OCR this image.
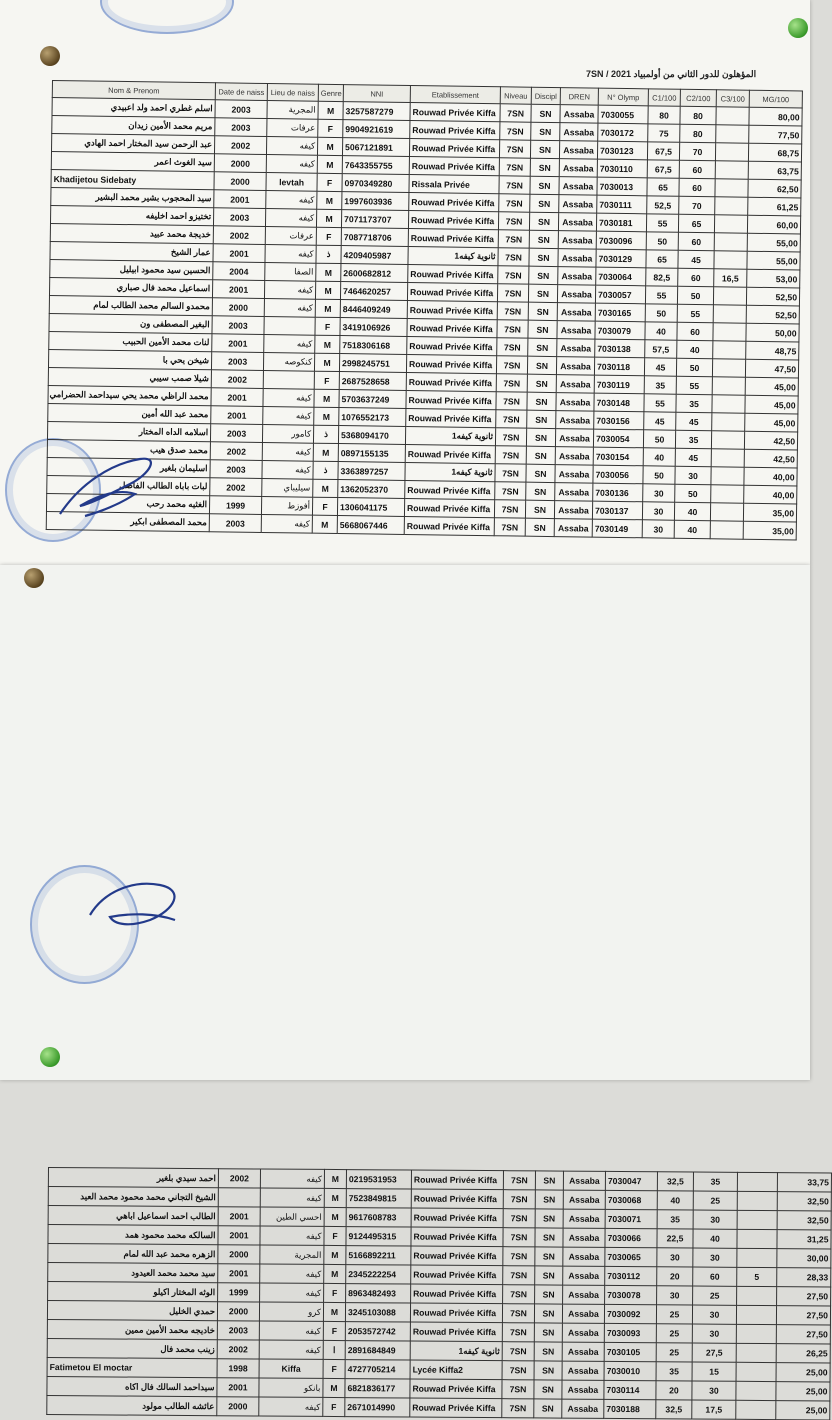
المؤهلون للدور الثاني من أولمبياد 7SN / 2021
Nom & Prenom	Date de naiss	Lieu de naiss	Genre	NNI	Etablissement	Niveau	Discipl	DREN	N° Olymp	C1/100	C2/100	C3/100	MG/100
اسلم غطري احمد ولد اعبيدي	2003	المجرية	M	3257587279	Rouwad Privée Kiffa	7SN	SN	Assaba	7030055	80	80		80,00
مريم محمد الأمين زيدان	2003	عرفات	F	9904921619	Rouwad Privée Kiffa	7SN	SN	Assaba	7030172	75	80		77,50
عبد الرحمن سيد المختار احمد الهادي	2002	كيفه	M	5067121891	Rouwad Privée Kiffa	7SN	SN	Assaba	7030123	67,5	70		68,75
سيد الغوث اعمر	2000	كيفه	M	7643355755	Rouwad Privée Kiffa	7SN	SN	Assaba	7030110	67,5	60		63,75
Khadijetou Sidebaty	2000	levtah	F	0970349280	Rissala Privée	7SN	SN	Assaba	7030013	65	60		62,50
سيد المحجوب بشير محمد البشير	2001	كيفه	M	1997603936	Rouwad Privée Kiffa	7SN	SN	Assaba	7030111	52,5	70		61,25
تختيزو احمد اخليفه	2003	كيفه	M	7071173707	Rouwad Privée Kiffa	7SN	SN	Assaba	7030181	55	65		60,00
خديجة محمد عبيد	2002	عرفات	F	7087718706	Rouwad Privée Kiffa	7SN	SN	Assaba	7030096	50	60		55,00
عمار الشيخ	2001	كيفه	ذ	4209405987	ثانوية كيفه1	7SN	SN	Assaba	7030129	65	45		55,00
الحسين سيد محمود ابيليل	2004	الصفا	M	2600682812	Rouwad Privée Kiffa	7SN	SN	Assaba	7030064	82,5	60	16,5	53,00
اسماعيل محمد فال صباري	2001	كيفه	M	7464620257	Rouwad Privée Kiffa	7SN	SN	Assaba	7030057	55	50		52,50
محمدو السالم محمد الطالب لمام	2000	كيفه	M	8446409249	Rouwad Privée Kiffa	7SN	SN	Assaba	7030165	50	55		52,50
البغير المصطفى ون	2003		F	3419106926	Rouwad Privée Kiffa	7SN	SN	Assaba	7030079	40	60		50,00
لنات محمد الأمين الحبيب	2001	كيفه	M	7518306168	Rouwad Privée Kiffa	7SN	SN	Assaba	7030138	57,5	40		48,75
شيخن يحي با	2003	كنكوصه	M	2998245751	Rouwad Privée Kiffa	7SN	SN	Assaba	7030118	45	50		47,50
شيلا صمب سيبي	2002		F	2687528658	Rouwad Privée Kiffa	7SN	SN	Assaba	7030119	35	55		45,00
محمد الراظي محمد يحي سيداحمد الحضرامي	2001	كيفه	M	5703637249	Rouwad Privée Kiffa	7SN	SN	Assaba	7030148	55	35		45,00
محمد عبد الله أمين	2001	كيفه	M	1076552173	Rouwad Privée Kiffa	7SN	SN	Assaba	7030156	45	45		45,00
اسلامه الداه المختار	2003	كامور	ذ	5368094170	ثانوية كيفه1	7SN	SN	Assaba	7030054	50	35		42,50
محمد صدق هيب	2002	كيفه	M	0897155135	Rouwad Privée Kiffa	7SN	SN	Assaba	7030154	40	45		42,50
اسليمان بلغير	2003	كيفه	ذ	3363897257	ثانوية كيفه1	7SN	SN	Assaba	7030056	50	30		40,00
لبات باباه الطالب الفاضل	2002	سيليباي	M	1362052370	Rouwad Privée Kiffa	7SN	SN	Assaba	7030136	30	50		40,00
الغثيه محمد رحب	1999	أفوزط	F	1306041175	Rouwad Privée Kiffa	7SN	SN	Assaba	7030137	30	40		35,00
محمد المصطفى ابكير	2003	كيفه	M	5668067446	Rouwad Privée Kiffa	7SN	SN	Assaba	7030149	30	40		35,00
احمد سيدي بلغير	2002	كيفه	M	0219531953	Rouwad Privée Kiffa	7SN	SN	Assaba	7030047	32,5	35		33,75
الشيخ التجاني محمد محمود محمد العيد		كيفه	M	7523849815	Rouwad Privée Kiffa	7SN	SN	Assaba	7030068	40	25		32,50
الطالب احمد اسماعيل اباهي	2001	احسي الطين	M	9617608783	Rouwad Privée Kiffa	7SN	SN	Assaba	7030071	35	30		32,50
السالكه محمد محمود همد	2001	كيفه	F	9124495315	Rouwad Privée Kiffa	7SN	SN	Assaba	7030066	22,5	40		31,25
الزهره محمد عبد الله لمام	2000	المجرية	M	5166892211	Rouwad Privée Kiffa	7SN	SN	Assaba	7030065	30	30		30,00
سيد محمد محمد العيدود	2001	كيفه	M	2345222254	Rouwad Privée Kiffa	7SN	SN	Assaba	7030112	20	60	5	28,33
الوثه المختار اكيلو	1999	كيفه	F	8963482493	Rouwad Privée Kiffa	7SN	SN	Assaba	7030078	30	25		27,50
حمدي الخليل	2000	كرو	M	3245103088	Rouwad Privée Kiffa	7SN	SN	Assaba	7030092	25	30		27,50
خاديجه محمد الأمين ممين	2003	كيفه	F	2053572742	Rouwad Privée Kiffa	7SN	SN	Assaba	7030093	25	30		27,50
زينب محمد فال	2002	كيفه	ا	2891684849	ثانوية كيفه1	7SN	SN	Assaba	7030105	25	27,5		26,25
Fatimetou El moctar	1998	Kiffa	F	4727705214	Lycée Kiffa2	7SN	SN	Assaba	7030010	35	15		25,00
سيداحمد السالك فال اكاه	2001	بانكو	M	6821836177	Rouwad Privée Kiffa	7SN	SN	Assaba	7030114	20	30		25,00
عائشه الطالب مولود	2000	كيفه	F	2671014990	Rouwad Privée Kiffa	7SN	SN	Assaba	7030188	32,5	17,5		25,00
